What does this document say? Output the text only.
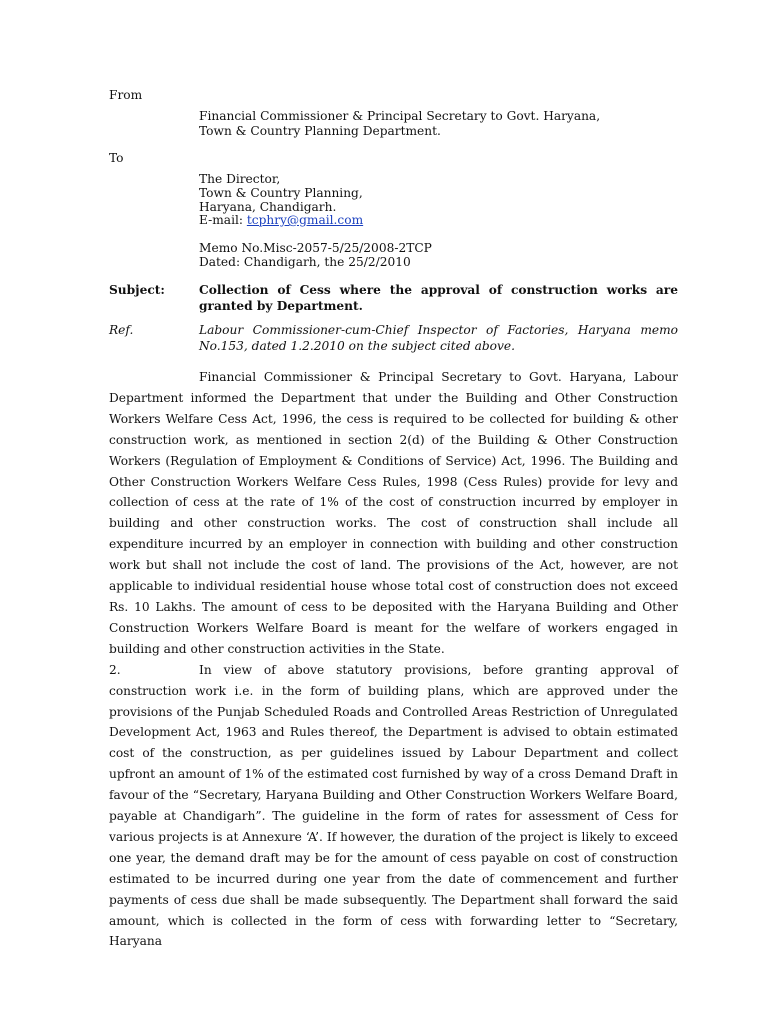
From
Financial Commissioner & Principal Secretary to Govt. Haryana,
Town & Country Planning Department.
To
The Director,
Town & Country Planning,
Haryana, Chandigarh.
E-mail: tcphry@gmail.com
Memo No.Misc-2057-5/25/2008-2TCP
Dated: Chandigarh, the 25/2/2010
Subject:	Collection of Cess where the approval of construction works are granted by Department.
Ref.	Labour Commissioner-cum-Chief Inspector of Factories, Haryana memo No.153, dated 1.2.2010 on the subject cited above.

Financial Commissioner & Principal Secretary to Govt. Haryana, Labour Department informed the Department that under the Building and Other Construction Workers Welfare Cess Act, 1996, the cess is required to be collected for building & other construction work, as mentioned in section 2(d) of the Building & Other Construction Workers (Regulation of Employment & Conditions of Service) Act, 1996. The Building and Other Construction Workers Welfare Cess Rules, 1998 (Cess Rules) provide for levy and collection of cess at the rate of 1% of the cost of construction incurred by employer in building and other construction works. The cost of construction shall include all expenditure incurred by an employer in connection with building and other construction work but shall not include the cost of land. The provisions of the Act, however, are not applicable to individual residential house whose total cost of construction does not exceed Rs. 10 Lakhs. The amount of cess to be deposited with the Haryana Building and Other Construction Workers Welfare Board is meant for the welfare of workers engaged in building and other construction activities in the State.

2.	In view of above statutory provisions, before granting approval of construction work i.e. in the form of building plans, which are approved under the provisions of the Punjab Scheduled Roads and Controlled Areas Restriction of Unregulated Development Act, 1963 and Rules thereof, the Department is advised to obtain estimated cost of the construction, as per guidelines issued by Labour Department and collect upfront an amount of 1% of the estimated cost furnished by way of a cross Demand Draft in favour of the “Secretary, Haryana Building and Other Construction Workers Welfare Board, payable at Chandigarh”. The guideline in the form of rates for assessment of Cess for various projects is at Annexure ‘A’. If however, the duration of the project is likely to exceed one year, the demand draft may be for the amount of cess payable on cost of construction estimated to be incurred during one year from the date of commencement and further payments of cess due shall be made subsequently. The Department shall forward the said amount, which is collected in the form of cess with forwarding letter to “Secretary, Haryana
